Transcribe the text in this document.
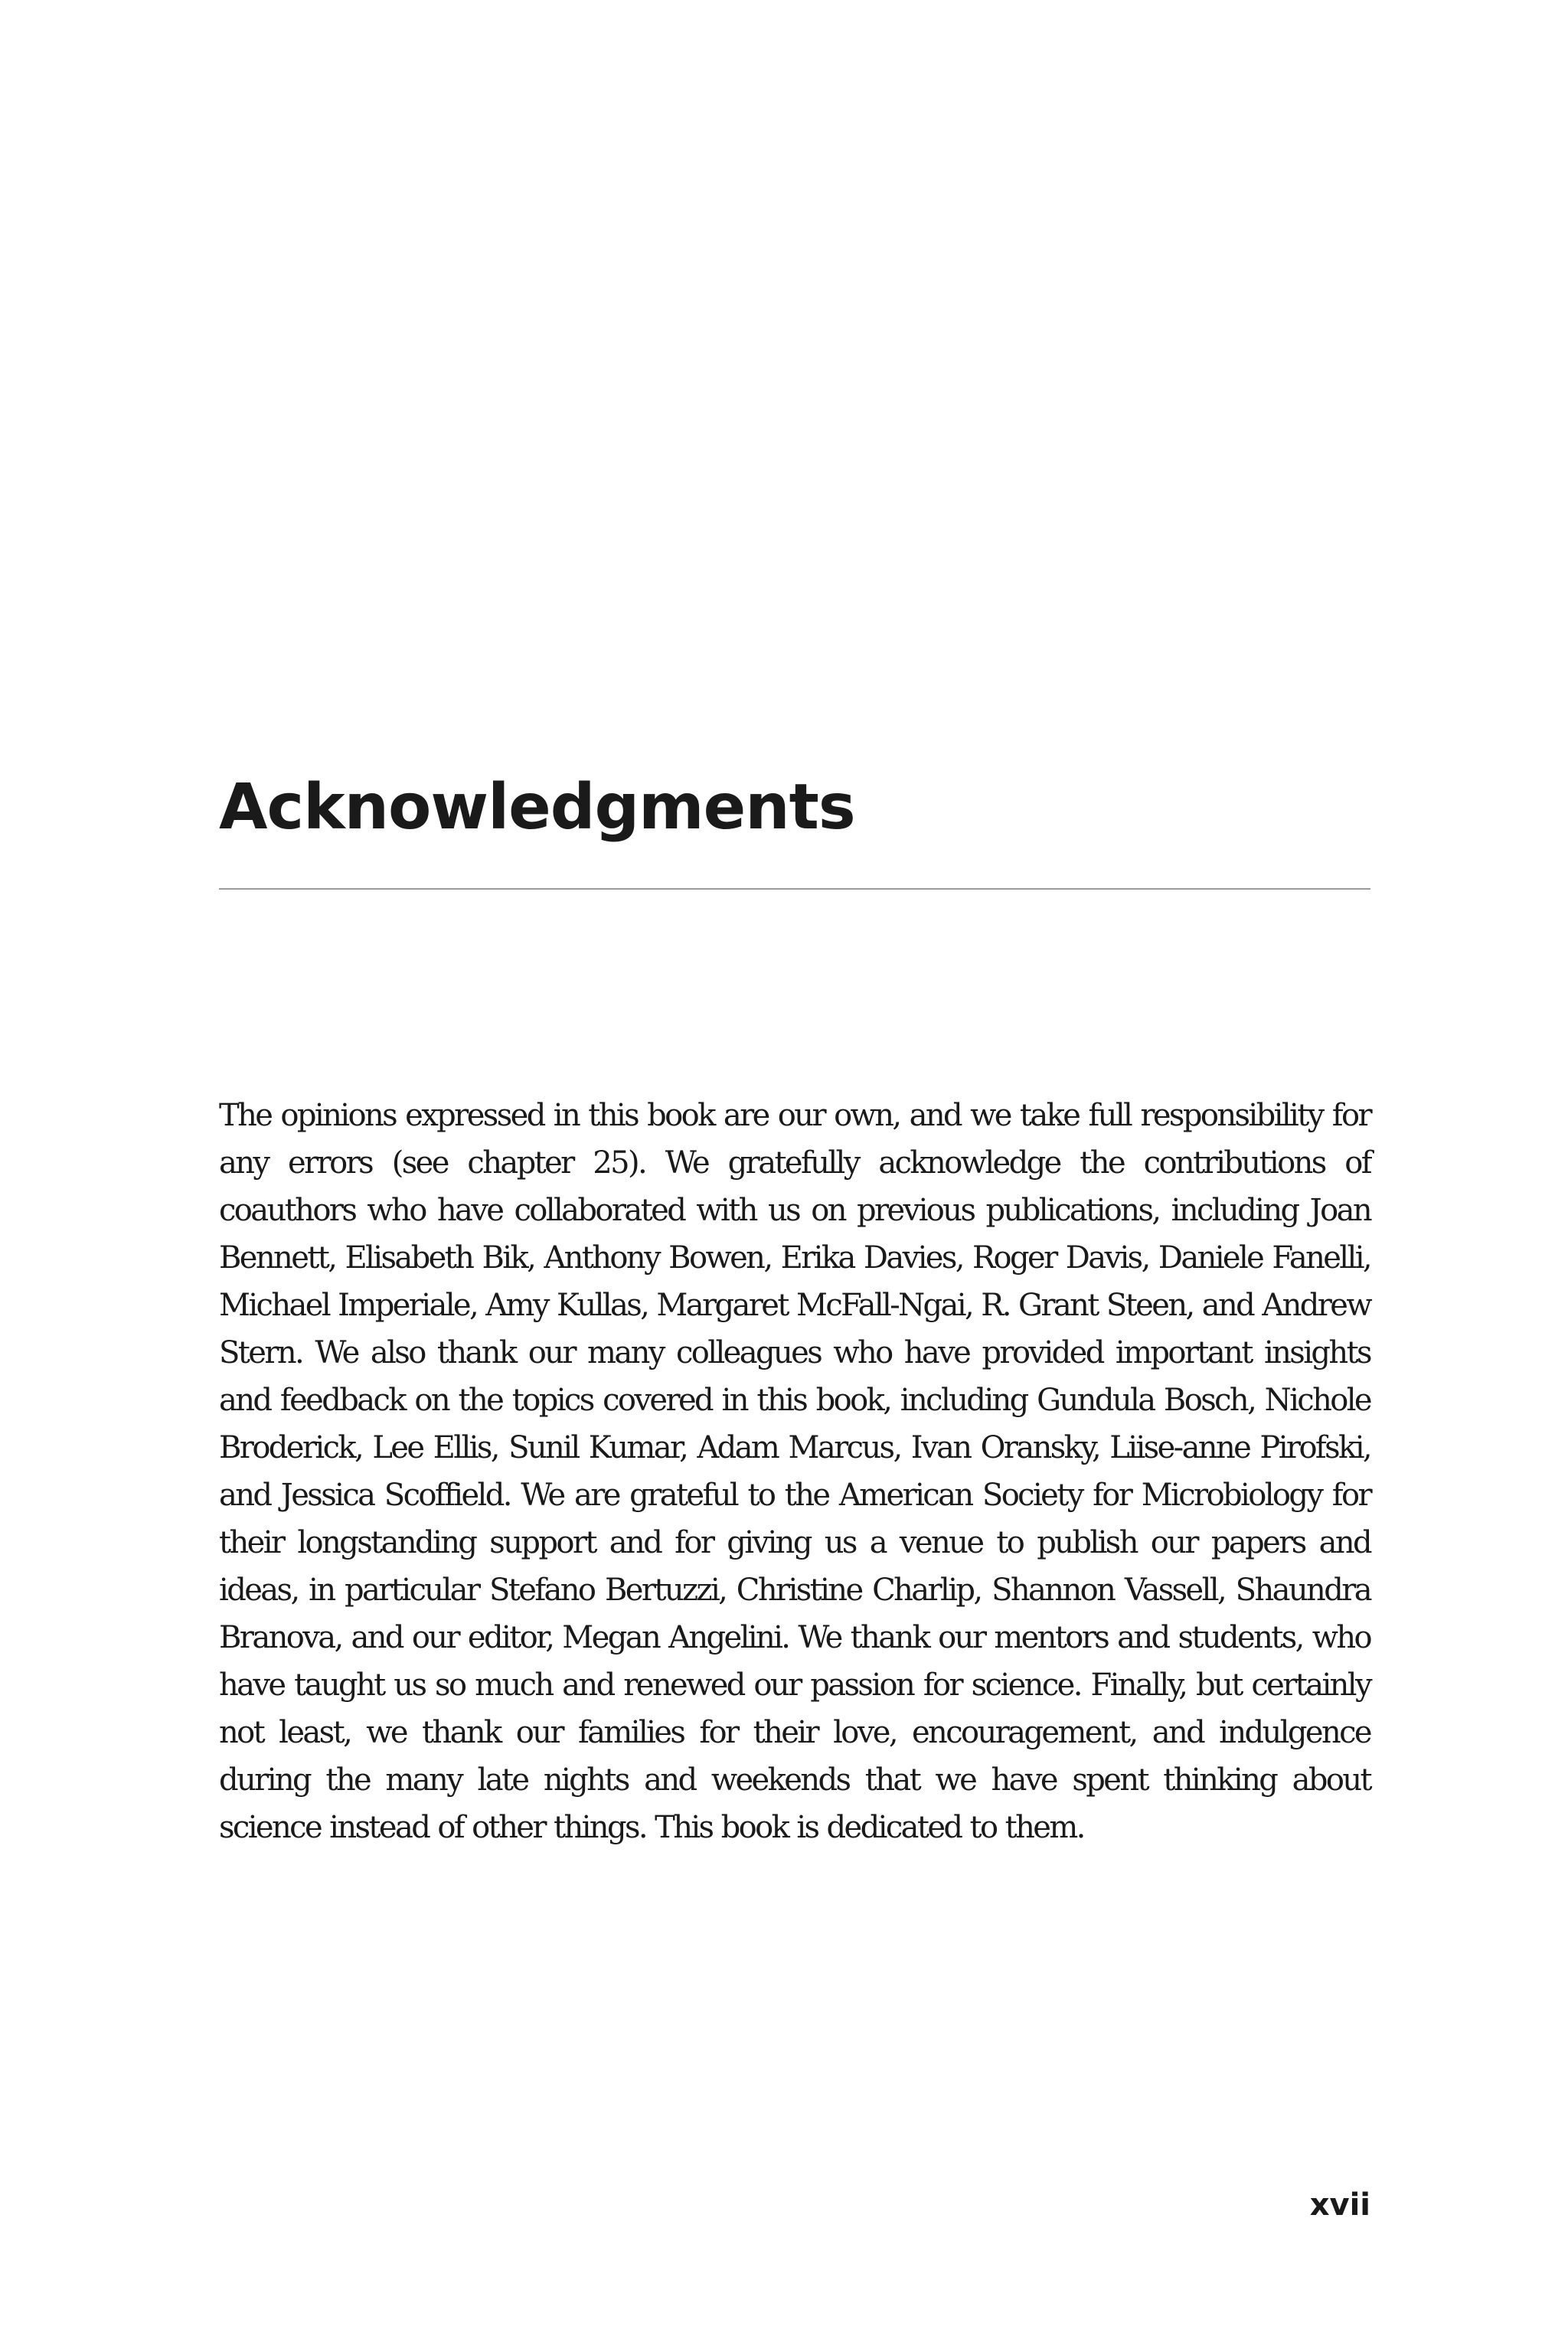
Acknowledgments

The opinions expressed in this book are our own, and we take full responsibility for any errors (see chapter 25). We gratefully acknowledge the contributions of coauthors who have collaborated with us on previous publications, including Joan Bennett, Elisabeth Bik, Anthony Bowen, Erika Davies, Roger Davis, Daniele Fanelli, Michael Imperiale, Amy Kullas, Margaret McFall-Ngai, R. Grant Steen, and Andrew Stern. We also thank our many colleagues who have provided important insights and feedback on the topics covered in this book, including Gundula Bosch, Nichole Broderick, Lee Ellis, Sunil Kumar, Adam Marcus, Ivan Oransky, Liise-anne Pirofski, and Jessica Scoffield. We are grateful to the American Society for Microbiology for their longstanding support and for giving us a venue to publish our papers and ideas, in particular Stefano Bertuzzi, Christine Charlip, Shannon Vassell, Shaundra Branova, and our editor, Megan Angelini. We thank our mentors and students, who have taught us so much and renewed our passion for science. Finally, but certainly not least, we thank our families for their love, encouragement, and indulgence during the many late nights and weekends that we have spent thinking about science instead of other things. This book is dedicated to them.

xvii
